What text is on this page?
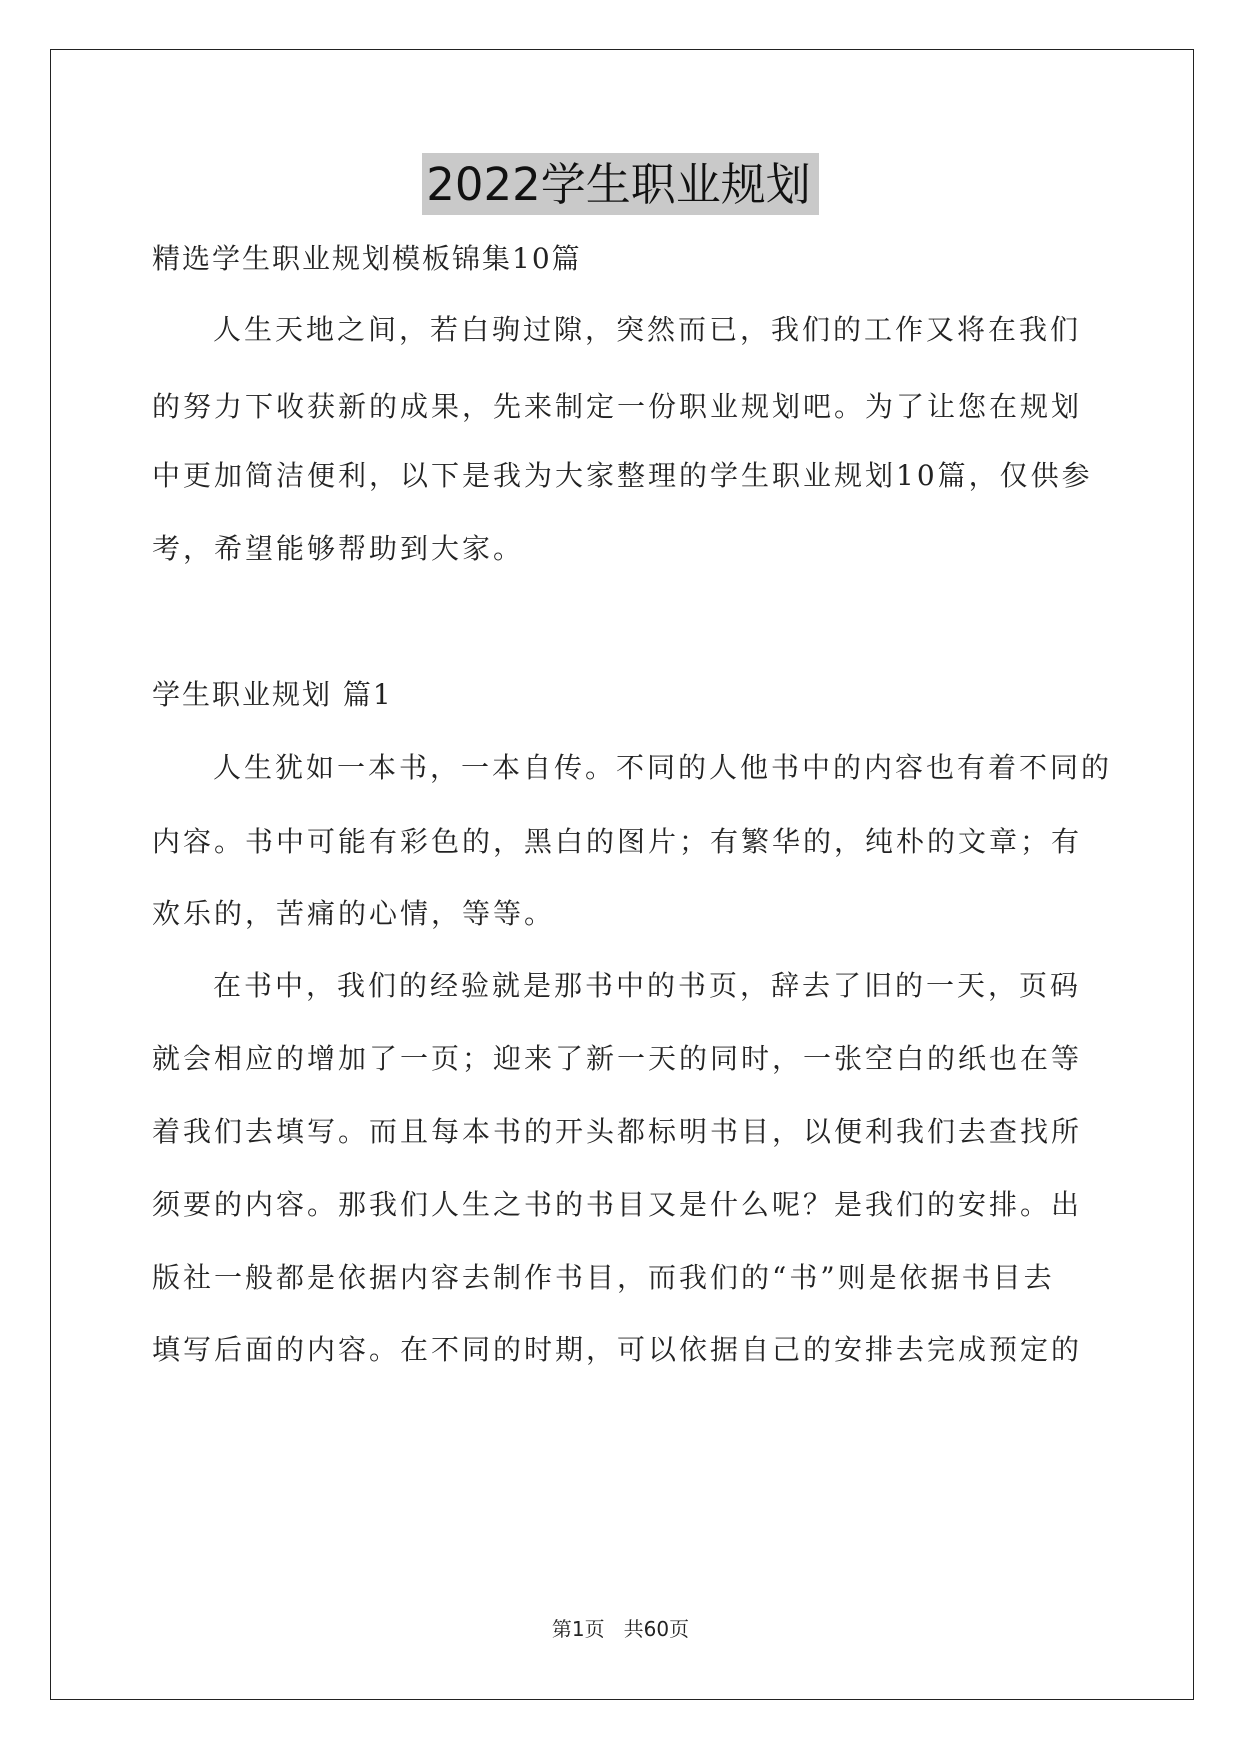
2022学生职业规划
精选学生职业规划模板锦集10篇
人生天地之间，若白驹过隙，突然而已，我们的工作又将在我们
的努力下收获新的成果，先来制定一份职业规划吧。为了让您在规划
中更加简洁便利，以下是我为大家整理的学生职业规划10篇，仅供参
考，希望能够帮助到大家。
学生职业规划 篇1
人生犹如一本书，一本自传。不同的人他书中的内容也有着不同的
内容。书中可能有彩色的，黑白的图片；有繁华的，纯朴的文章；有
欢乐的，苦痛的心情，等等。
在书中，我们的经验就是那书中的书页，辞去了旧的一天，页码
就会相应的增加了一页；迎来了新一天的同时，一张空白的纸也在等
着我们去填写。而且每本书的开头都标明书目，以便利我们去查找所
须要的内容。那我们人生之书的书目又是什么呢？是我们的安排。出
版社一般都是依据内容去制作书目，而我们的“书”则是依据书目去
填写后面的内容。在不同的时期，可以依据自己的安排去完成预定的
第1页   共60页
